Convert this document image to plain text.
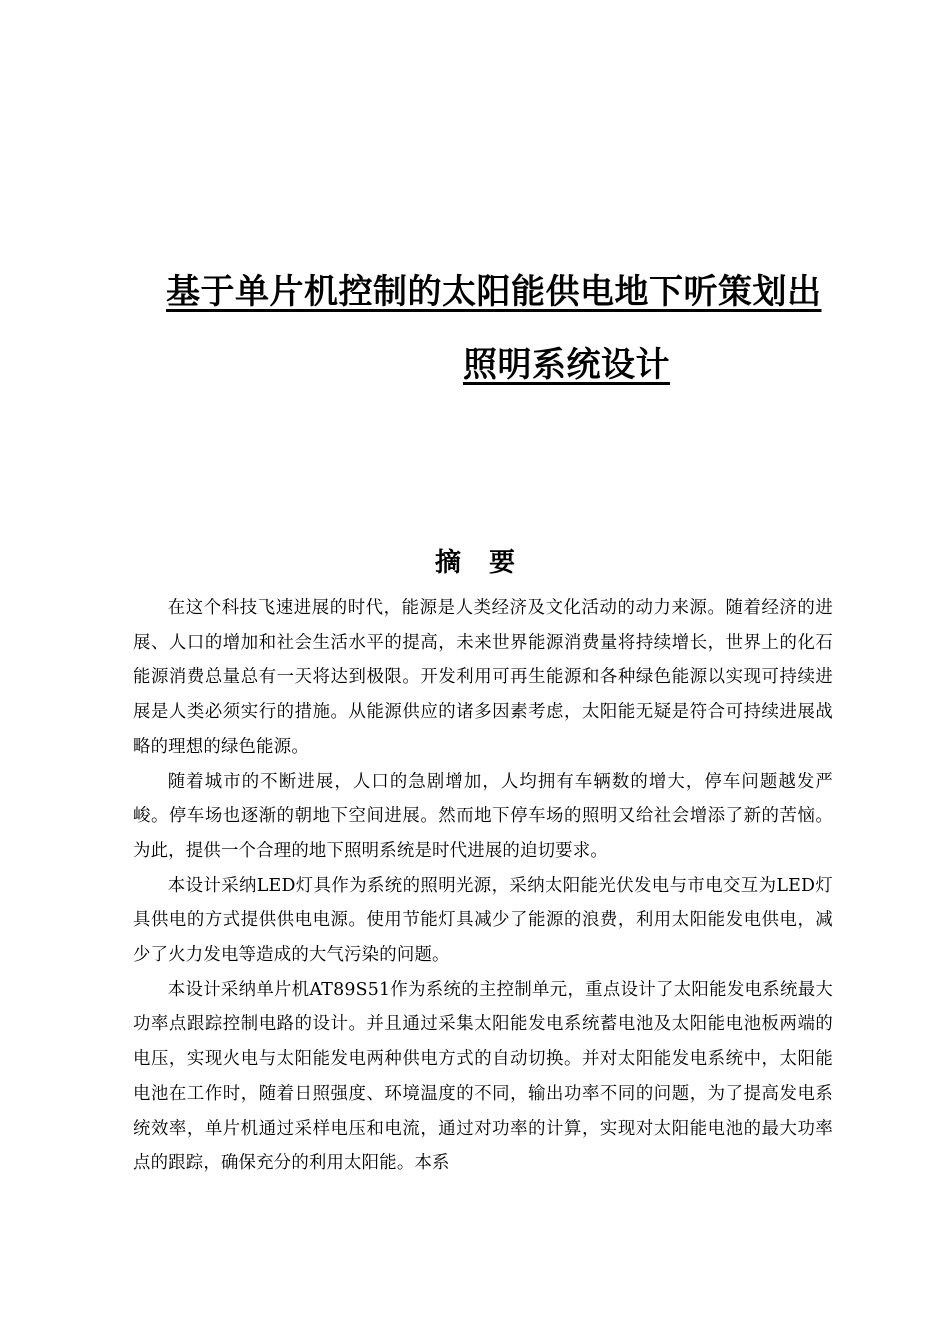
基于单片机控制的太阳能供电地下听策划出
照明系统设计
摘要

在这个科技飞速进展的时代，能源是人类经济及文化活动的动力来源。随着经济的进展、人口的增加和社会生活水平的提高，未来世界能源消费量将持续增长，世界上的化石能源消费总量总有一天将达到极限。开发利用可再生能源和各种绿色能源以实现可持续进展是人类必须实行的措施。从能源供应的诸多因素考虑，太阳能无疑是符合可持续进展战略的理想的绿色能源。

随着城市的不断进展，人口的急剧增加，人均拥有车辆数的增大，停车问题越发严峻。停车场也逐渐的朝地下空间进展。然而地下停车场的照明又给社会增添了新的苦恼。为此，提供一个合理的地下照明系统是时代进展的迫切要求。

本设计采纳LED灯具作为系统的照明光源，采纳太阳能光伏发电与市电交互为LED灯具供电的方式提供供电电源。使用节能灯具减少了能源的浪费，利用太阳能发电供电，减少了火力发电等造成的大气污染的问题。

本设计采纳单片机AT89S51作为系统的主控制单元，重点设计了太阳能发电系统最大功率点跟踪控制电路的设计。并且通过采集太阳能发电系统蓄电池及太阳能电池板两端的电压，实现火电与太阳能发电两种供电方式的自动切换。并对太阳能发电系统中，太阳能电池在工作时，随着日照强度、环境温度的不同，输出功率不同的问题，为了提高发电系统效率，单片机通过采样电压和电流，通过对功率的计算，实现对太阳能电池的最大功率点的跟踪，确保充分的利用太阳能。本系
